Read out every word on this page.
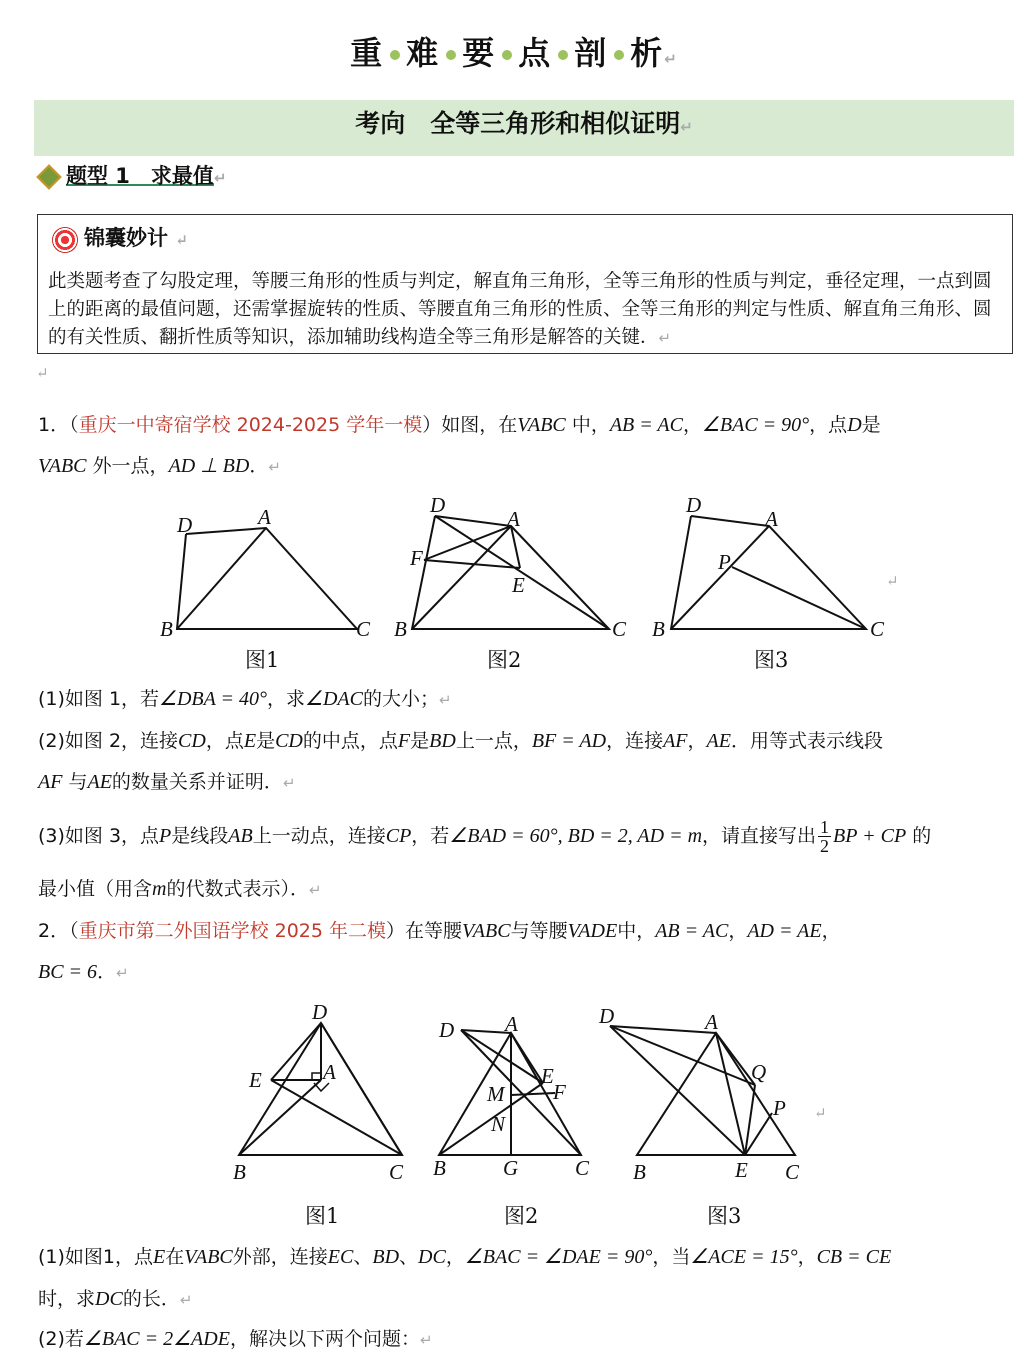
重 难 要 点 剖 析↵
考向　全等三角形和相似证明↵
题型 1　求最值↵
锦囊妙计 ↵
此类题考查了勾股定理，等腰三角形的性质与判定，解直角三角形，全等三角形的性质与判定，垂径定理，一点到圆上的距离的最值问题，还需掌握旋转的性质、等腰直角三角形的性质、全等三角形的判定与性质、解直角三角形、圆的有关性质、翻折性质等知识，添加辅助线构造全等三角形是解答的关键．↵
↵
1．（重庆一中寄宿学校 2024-2025 学年一模）如图，在VABC 中，AB = AC，∠BAC = 90°，点D是
VABC 外一点，AD ⊥ BD．↵
D	A
B	C
D
A
F
E
B	C
D
A
P
B	C
图1	图2	图3
↵
(1)如图 1，若∠DBA = 40°，求∠DAC的大小；↵
(2)如图 2，连接CD，点E是CD的中点，点F是BD上一点，BF = AD，连接AF，AE．用等式表示线段
AF 与AE的数量关系并证明．↵
(3)如图 3，点P是线段AB上一动点，连接CP，若∠BAD = 60°, BD = 2, AD = m，请直接写出 $\frac{1}{2}$ BP + CP 的
最小值（用含m的代数式表示）．↵
2．（重庆市第二外国语学校 2025 年二模）在等腰VABC与等腰VADE中，AB = AC，AD = AE，
BC = 6．↵
D
E	A
B	C
D A
E
F
M
N
B	G	C
D	A
Q
P
B	E C
图1	图2	图3
↵
(1)如图1，点E在VABC外部，连接EC、BD、DC，∠BAC = ∠DAE = 90°，当∠ACE = 15°，CB = CE
时，求DC的长．↵
(2)若∠BAC = 2∠ADE，解决以下两个问题：↵
